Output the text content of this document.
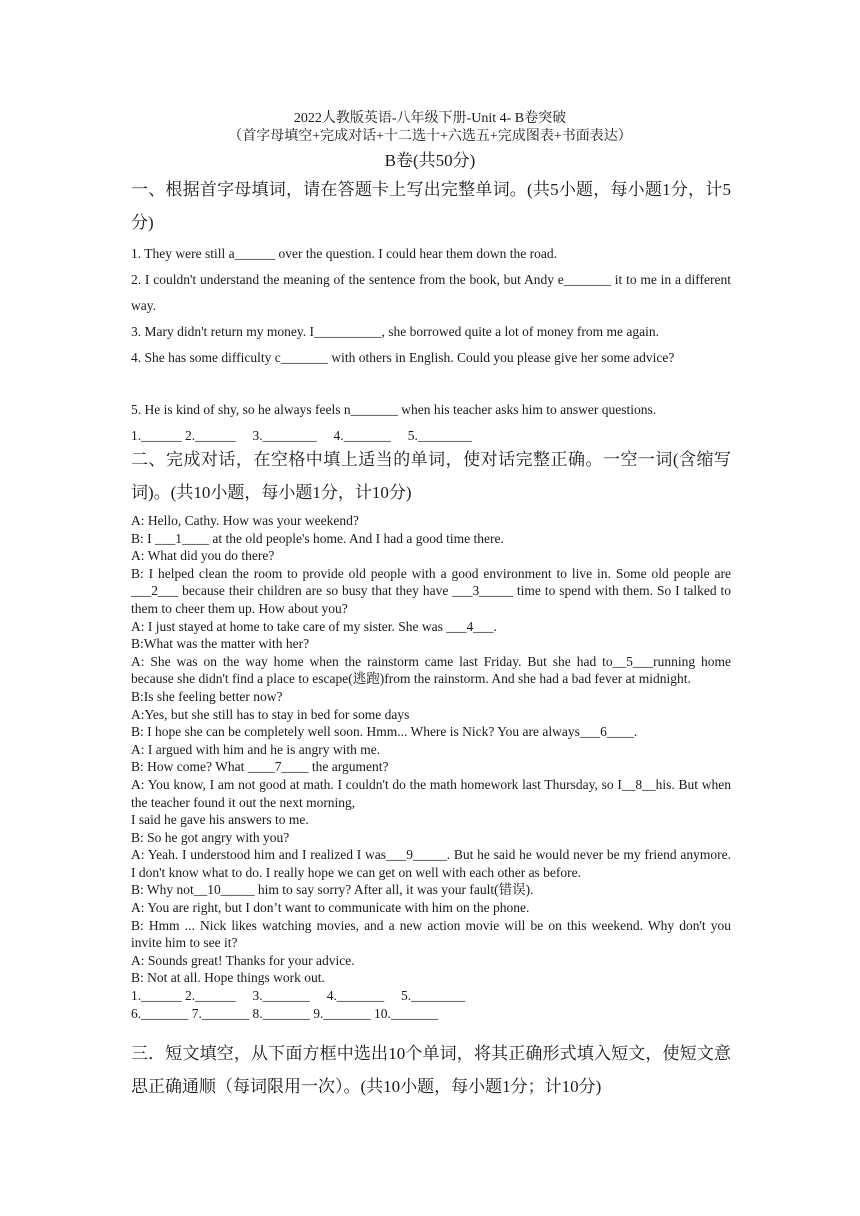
2022人教版英语-八年级下册-Unit 4- B卷突破
（首字母填空+完成对话+十二选十+六选五+完成图表+书面表达）
B卷(共50分)
一、根据首字母填词，请在答题卡上写出完整单词。(共5小题，每小题1分，计5分)
1. They were still a______ over the question. I could hear them down the road.
2. I couldn't understand the meaning of the sentence from the book, but Andy e_______ it to me in a different way.
3. Mary didn't return my money. I__________, she borrowed quite a lot of money from me again.
4. She has some difficulty c_______ with others in English. Could you please give her some advice?
5. He is kind of shy, so he always feels n_______ when his teacher asks him to answer questions.
1.______ 2.______     3.________     4._______     5.________
二、完成对话，在空格中填上适当的单词，使对话完整正确。一空一词(含缩写词)。(共10小题，每小题1分，计10分)

A: Hello, Cathy. How was your weekend?

B: I ___1____ at the old people's home. And I had a good time there.

A: What did you do there?

B: I helped clean the room to provide old people with a good environment to live in. Some old people are ___2___ because their children are so busy that they have ___3_____ time to spend with them. So I talked to them to cheer them up. How about you?

A: I just stayed at home to take care of my sister. She was ___4___.

B:What was the matter with her?

A: She was on the way home when the rainstorm came last Friday. But she had to__5___running home because she didn't find a place to escape(逃跑)from the rainstorm. And she had a bad fever at midnight.

B:Is she feeling better now?

A:Yes, but she still has to stay in bed for some days

B: I hope she can be completely well soon. Hmm... Where is Nick? You are always___6____.

A: I argued with him and he is angry with me.

B: How come? What ____7____ the argument?

A: You know, I am not good at math. I couldn't do the math homework last Thursday, so I__8__his. But when the teacher found it out the next morning,

I said he gave his answers to me.

B: So he got angry with you?

A: Yeah. I understood him and I realized I was___9_____. But he said he would never be my friend anymore. I don't know what to do. I really hope we can get on well with each other as before.

B: Why not__10_____ him to say sorry? After all, it was your fault(错误).

A: You are right, but I don’t want to communicate with him on the phone.

B: Hmm ... Nick likes watching movies, and a new action movie will be on this weekend. Why don't you invite him to see it?

A: Sounds great! Thanks for your advice.

B: Not at all. Hope things work out.

1.______ 2.______     3._______     4._______     5.________

6._______ 7._______ 8._______ 9._______ 10._______

三．短文填空，从下面方框中选出10个单词，将其正确形式填入短文，使短文意思正确通顺（每词限用一次）。(共10小题，每小题1分；计10分)
